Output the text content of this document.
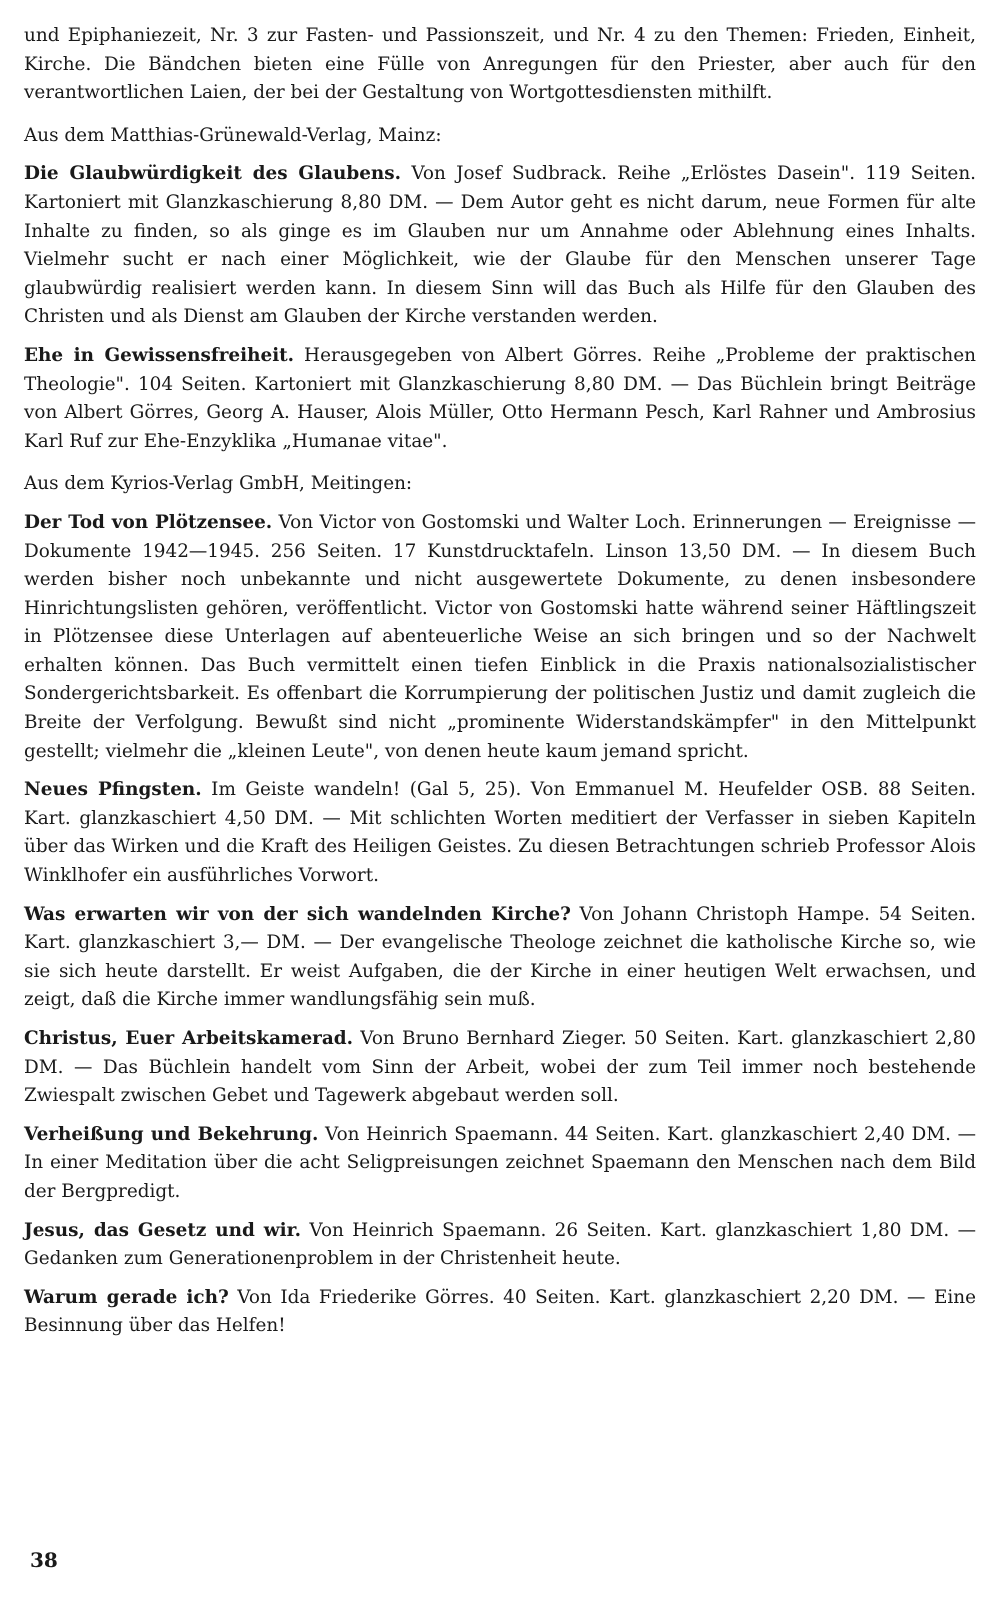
und Epiphaniezeit, Nr. 3 zur Fasten- und Passionszeit, und Nr. 4 zu den Themen: Frieden, Einheit, Kirche. Die Bändchen bieten eine Fülle von Anregungen für den Priester, aber auch für den verantwortlichen Laien, der bei der Gestaltung von Wortgottesdiensten mithilft.

Aus dem Matthias-Grünewald-Verlag, Mainz:

Die Glaubwürdigkeit des Glaubens. Von Josef Sudbrack. Reihe „Erlöstes Dasein". 119 Seiten. Kartoniert mit Glanzkaschierung 8,80 DM. — Dem Autor geht es nicht darum, neue Formen für alte Inhalte zu finden, so als ginge es im Glauben nur um Annahme oder Ablehnung eines Inhalts. Vielmehr sucht er nach einer Möglichkeit, wie der Glaube für den Menschen unserer Tage glaubwürdig realisiert werden kann. In diesem Sinn will das Buch als Hilfe für den Glauben des Christen und als Dienst am Glauben der Kirche verstanden werden.

Ehe in Gewissensfreiheit. Herausgegeben von Albert Görres. Reihe „Probleme der praktischen Theologie". 104 Seiten. Kartoniert mit Glanzkaschierung 8,80 DM. — Das Büchlein bringt Beiträge von Albert Görres, Georg A. Hauser, Alois Müller, Otto Hermann Pesch, Karl Rahner und Ambrosius Karl Ruf zur Ehe-Enzyklika „Humanae vitae".

Aus dem Kyrios-Verlag GmbH, Meitingen:

Der Tod von Plötzensee. Von Victor von Gostomski und Walter Loch. Erinnerungen — Ereignisse — Dokumente 1942—1945. 256 Seiten. 17 Kunstdrucktafeln. Linson 13,50 DM. — In diesem Buch werden bisher noch unbekannte und nicht ausgewertete Dokumente, zu denen insbesondere Hinrichtungslisten gehören, veröffentlicht. Victor von Gostomski hatte während seiner Häftlingszeit in Plötzensee diese Unterlagen auf abenteuerliche Weise an sich bringen und so der Nachwelt erhalten können. Das Buch vermittelt einen tiefen Einblick in die Praxis nationalsozialistischer Sondergerichtsbarkeit. Es offenbart die Korrumpierung der politischen Justiz und damit zugleich die Breite der Verfolgung. Bewußt sind nicht „prominente Widerstandskämpfer" in den Mittelpunkt gestellt; vielmehr die „kleinen Leute", von denen heute kaum jemand spricht.

Neues Pfingsten. Im Geiste wandeln! (Gal 5, 25). Von Emmanuel M. Heufelder OSB. 88 Seiten. Kart. glanzkaschiert 4,50 DM. — Mit schlichten Worten meditiert der Verfasser in sieben Kapiteln über das Wirken und die Kraft des Heiligen Geistes. Zu diesen Betrachtungen schrieb Professor Alois Winklhofer ein ausführliches Vorwort.

Was erwarten wir von der sich wandelnden Kirche? Von Johann Christoph Hampe. 54 Seiten. Kart. glanzkaschiert 3,— DM. — Der evangelische Theologe zeichnet die katholische Kirche so, wie sie sich heute darstellt. Er weist Aufgaben, die der Kirche in einer heutigen Welt erwachsen, und zeigt, daß die Kirche immer wandlungsfähig sein muß.

Christus, Euer Arbeitskamerad. Von Bruno Bernhard Zieger. 50 Seiten. Kart. glanzkaschiert 2,80 DM. — Das Büchlein handelt vom Sinn der Arbeit, wobei der zum Teil immer noch bestehende Zwiespalt zwischen Gebet und Tagewerk abgebaut werden soll.

Verheißung und Bekehrung. Von Heinrich Spaemann. 44 Seiten. Kart. glanzkaschiert 2,40 DM. — In einer Meditation über die acht Seligpreisungen zeichnet Spaemann den Menschen nach dem Bild der Bergpredigt.

Jesus, das Gesetz und wir. Von Heinrich Spaemann. 26 Seiten. Kart. glanzkaschiert 1,80 DM. — Gedanken zum Generationenproblem in der Christenheit heute.

Warum gerade ich? Von Ida Friederike Görres. 40 Seiten. Kart. glanzkaschiert 2,20 DM. — Eine Besinnung über das Helfen!

38
